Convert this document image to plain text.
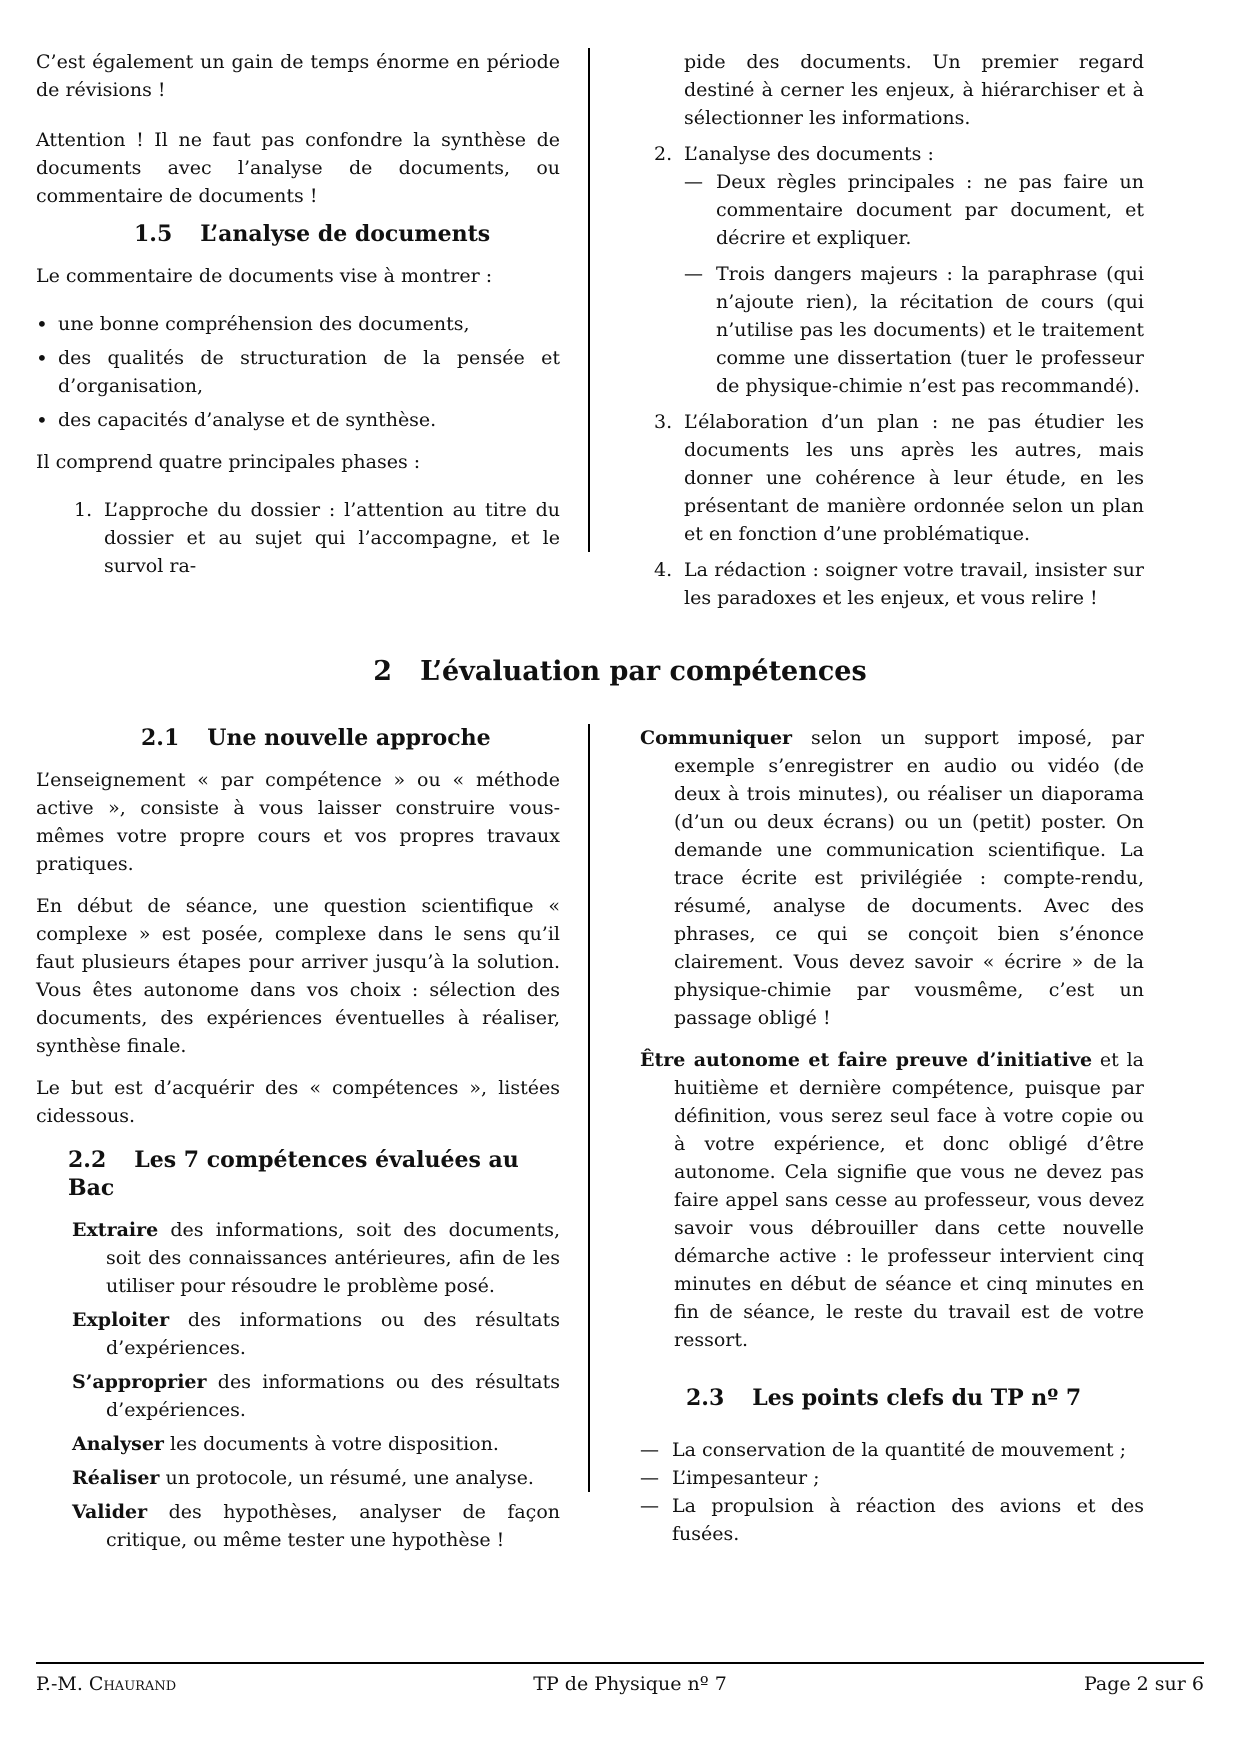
C’est également un gain de temps énorme en période de révisions !

Attention ! Il ne faut pas confondre la synthèse de documents avec l’analyse de documents, ou commentaire de documents !

1.5 L’analyse de documents

Le commentaire de documents vise à montrer :

• une bonne compréhension des documents,
• des qualités de structuration de la pensée et d’organisation,
• des capacités d’analyse et de synthèse.

Il comprend quatre principales phases :

1. L’approche du dossier : l’attention au titre du dossier et au sujet qui l’accompagne, et le survol ra-
pide des documents. Un premier regard destiné à cerner les enjeux, à hiérarchiser et à sélectionner les informations.
2. L’analyse des documents :
— Deux règles principales : ne pas faire un commentaire document par document, et décrire et expliquer.
— Trois dangers majeurs : la paraphrase (qui n’ajoute rien), la récitation de cours (qui n’utilise pas les documents) et le traitement comme une dissertation (tuer le professeur de physique-chimie n’est pas recommandé).
3. L’élaboration d’un plan : ne pas étudier les documents les uns après les autres, mais donner une cohérence à leur étude, en les présentant de manière ordonnée selon un plan et en fonction d’une problématique.
4. La rédaction : soigner votre travail, insister sur les paradoxes et les enjeux, et vous relire !
2 L’évaluation par compétences
2.1 Une nouvelle approche

L’enseignement « par compétence » ou « méthode active », consiste à vous laisser construire vous-mêmes votre propre cours et vos propres travaux pratiques.

En début de séance, une question scientifique « complexe » est posée, complexe dans le sens qu’il faut plusieurs étapes pour arriver jusqu’à la solution. Vous êtes autonome dans vos choix : sélection des documents, des expériences éventuelles à réaliser, synthèse finale.

Le but est d’acquérir des « compétences », listées cidessous.

2.2 Les 7 compétences évaluées au Bac

Extraire des informations, soit des documents, soit des connaissances antérieures, afin de les utiliser pour résoudre le problème posé.

Exploiter des informations ou des résultats d’expériences.

S’approprier des informations ou des résultats d’expériences.

Analyser les documents à votre disposition.

Réaliser un protocole, un résumé, une analyse.

Valider des hypothèses, analyser de façon critique, ou même tester une hypothèse !

Communiquer selon un support imposé, par exemple s’enregistrer en audio ou vidéo (de deux à trois minutes), ou réaliser un diaporama (d’un ou deux écrans) ou un (petit) poster. On demande une communication scientifique. La trace écrite est privilégiée : compte-rendu, résumé, analyse de documents. Avec des phrases, ce qui se conçoit bien s’énonce clairement. Vous devez savoir « écrire » de la physique-chimie par vousmême, c’est un passage obligé !

Être autonome et faire preuve d’initiative et la huitième et dernière compétence, puisque par définition, vous serez seul face à votre copie ou à votre expérience, et donc obligé d’être autonome. Cela signifie que vous ne devez pas faire appel sans cesse au professeur, vous devez savoir vous débrouiller dans cette nouvelle démarche active : le professeur intervient cinq minutes en début de séance et cinq minutes en fin de séance, le reste du travail est de votre ressort.

2.3 Les points clefs du TP nº 7
— La conservation de la quantité de mouvement ;
— L’impesanteur ;
— La propulsion à réaction des avions et des fusées.
P.-M. Chaurand	TP de Physique nº 7	Page 2 sur 6
